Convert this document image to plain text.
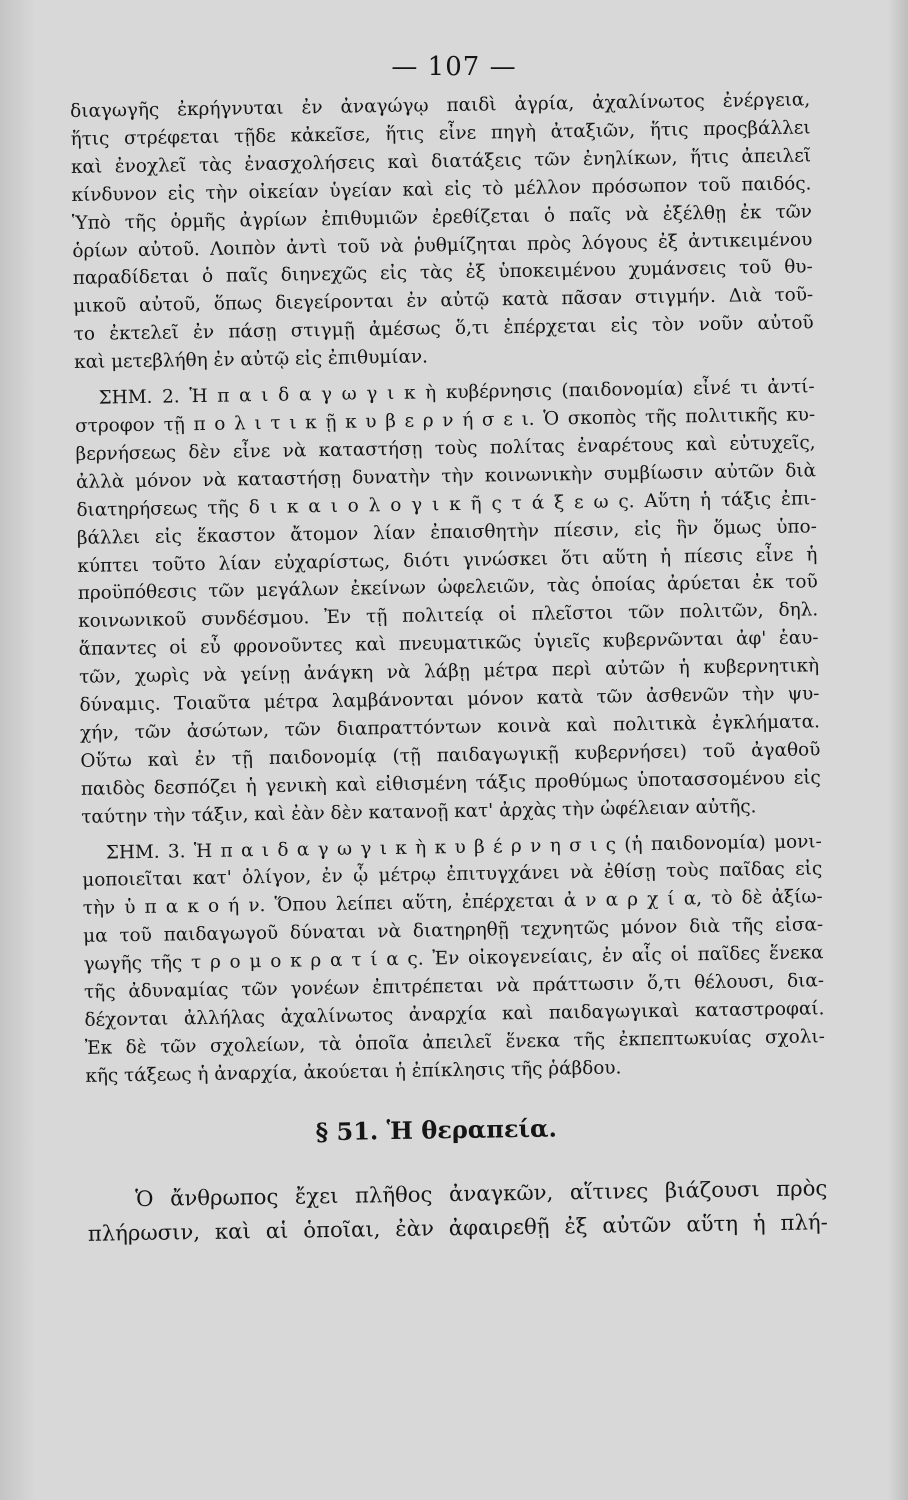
— 107 —
διαγωγῆς ἐκρήγνυται ἐν ἀναγώγῳ παιδὶ ἀγρία, ἀχαλίνωτος ἐνέργεια,
ἥτις στρέφεται τῇδε κἀκεῖσε, ἥτις εἶνε πηγὴ ἀταξιῶν, ἥτις προςβάλλει
καὶ ἐνοχλεῖ τὰς ἐνασχολήσεις καὶ διατάξεις τῶν ἐνηλίκων, ἥτις ἀπειλεῖ
κίνδυνον εἰς τὴν οἰκείαν ὑγείαν καὶ εἰς τὸ μέλλον πρόσωπον τοῦ παιδός.
Ὑπὸ τῆς ὁρμῆς ἀγρίων ἐπιθυμιῶν ἐρεθίζεται ὁ παῖς νὰ ἐξέλθῃ ἐκ τῶν
ὁρίων αὐτοῦ. Λοιπὸν ἀντὶ τοῦ νὰ ῥυθμίζηται πρὸς λόγους ἐξ ἀντικειμένου
παραδίδεται ὁ παῖς διηνεχῶς εἰς τὰς ἐξ ὑποκειμένου χυμάνσεις τοῦ θυ-
μικοῦ αὐτοῦ, ὅπως διεγείρονται ἐν αὐτῷ κατὰ πᾶσαν στιγμήν. Διὰ τοῦ-
το ἐκτελεῖ ἐν πάσῃ στιγμῇ ἀμέσως ὅ,τι ἐπέρχεται εἰς τὸν νοῦν αὐτοῦ
καὶ μετεβλήθη ἐν αὐτῷ εἰς ἐπιθυμίαν.
ΣΗΜ. 2. Ἡ π α ι δ α γ ω γ ι κ ὴ κυβέρνησις (παιδονομία) εἶνέ τι ἀντί-
στροφον τῇ π ο λ ι τ ι κ ῇ κ υ β ε ρ ν ή σ ε ι. Ὁ σκοπὸς τῆς πολιτικῆς κυ-
βερνήσεως δὲν εἶνε νὰ καταστήσῃ τοὺς πολίτας ἐναρέτους καὶ εὐτυχεῖς,
ἀλλὰ μόνον νὰ καταστήσῃ δυνατὴν τὴν κοινωνικὴν συμβίωσιν αὐτῶν διὰ
διατηρήσεως τῆς δ ι κ α ι ο λ ο γ ι κ ῆ ς τ ά ξ ε ω ς. Αὕτη ἡ τάξις ἐπι-
βάλλει εἰς ἕκαστον ἄτομον λίαν ἐπαισθητὴν πίεσιν, εἰς ἣν ὅμως ὑπο-
κύπτει τοῦτο λίαν εὐχαρίστως, διότι γινώσκει ὅτι αὕτη ἡ πίεσις εἶνε ἡ
προϋπόθεσις τῶν μεγάλων ἐκείνων ὠφελειῶν, τὰς ὁποίας ἀρύεται ἐκ τοῦ
κοινωνικοῦ συνδέσμου. Ἐν τῇ πολιτείᾳ οἱ πλεῖστοι τῶν πολιτῶν, δηλ.
ἅπαντες οἱ εὖ φρονοῦντες καὶ πνευματικῶς ὑγιεῖς κυβερνῶνται ἀφ' ἑαυ-
τῶν, χωρὶς νὰ γείνῃ ἀνάγκη νὰ λάβῃ μέτρα περὶ αὐτῶν ἡ κυβερνητικὴ
δύναμις. Τοιαῦτα μέτρα λαμβάνονται μόνον κατὰ τῶν ἀσθενῶν τὴν ψυ-
χήν, τῶν ἀσώτων, τῶν διαπραττόντων κοινὰ καὶ πολιτικὰ ἐγκλήματα.
Οὕτω καὶ ἐν τῇ παιδονομίᾳ (τῇ παιδαγωγικῇ κυβερνήσει) τοῦ ἀγαθοῦ
παιδὸς δεσπόζει ἡ γενικὴ καὶ εἰθισμένη τάξις προθύμως ὑποτασσομένου εἰς
ταύτην τὴν τάξιν, καὶ ἐὰν δὲν κατανοῇ κατ' ἀρχὰς τὴν ὠφέλειαν αὐτῆς.
ΣΗΜ. 3. Ἡ π α ι δ α γ ω γ ι κ ὴ κ υ β έ ρ ν η σ ι ς (ἡ παιδονομία) μονι-
μοποιεῖται κατ' ὀλίγον, ἐν ᾧ μέτρῳ ἐπιτυγχάνει νὰ ἐθίσῃ τοὺς παῖδας εἰς
τὴν ὑ π α κ ο ή ν. Ὅπου λείπει αὕτη, ἐπέρχεται ἀ ν α ρ χ ί α, τὸ δὲ ἀξίω-
μα τοῦ παιδαγωγοῦ δύναται νὰ διατηρηθῇ τεχνητῶς μόνον διὰ τῆς εἰσα-
γωγῆς τῆς τ ρ ο μ ο κ ρ α τ ί α ς. Ἐν οἰκογενείαις, ἐν αἷς οἱ παῖδες ἕνεκα
τῆς ἀδυναμίας τῶν γονέων ἐπιτρέπεται νὰ πράττωσιν ὅ,τι θέλουσι, δια-
δέχονται ἀλλήλας ἀχαλίνωτος ἀναρχία καὶ παιδαγωγικαὶ καταστροφαί.
Ἐκ δὲ τῶν σχολείων, τὰ ὁποῖα ἀπειλεῖ ἕνεκα τῆς ἐκπεπτωκυίας σχολι-
κῆς τάξεως ἡ ἀναρχία, ἀκούεται ἡ ἐπίκλησις τῆς ῥάβδου.
§ 51. Ἡ θεραπεία.
Ὁ ἄνθρωπος ἔχει πλῆθος ἀναγκῶν, αἵτινες βιάζουσι πρὸς
πλήρωσιν, καὶ αἱ ὁποῖαι, ἐὰν ἀφαιρεθῇ ἐξ αὐτῶν αὕτη ἡ πλή-
